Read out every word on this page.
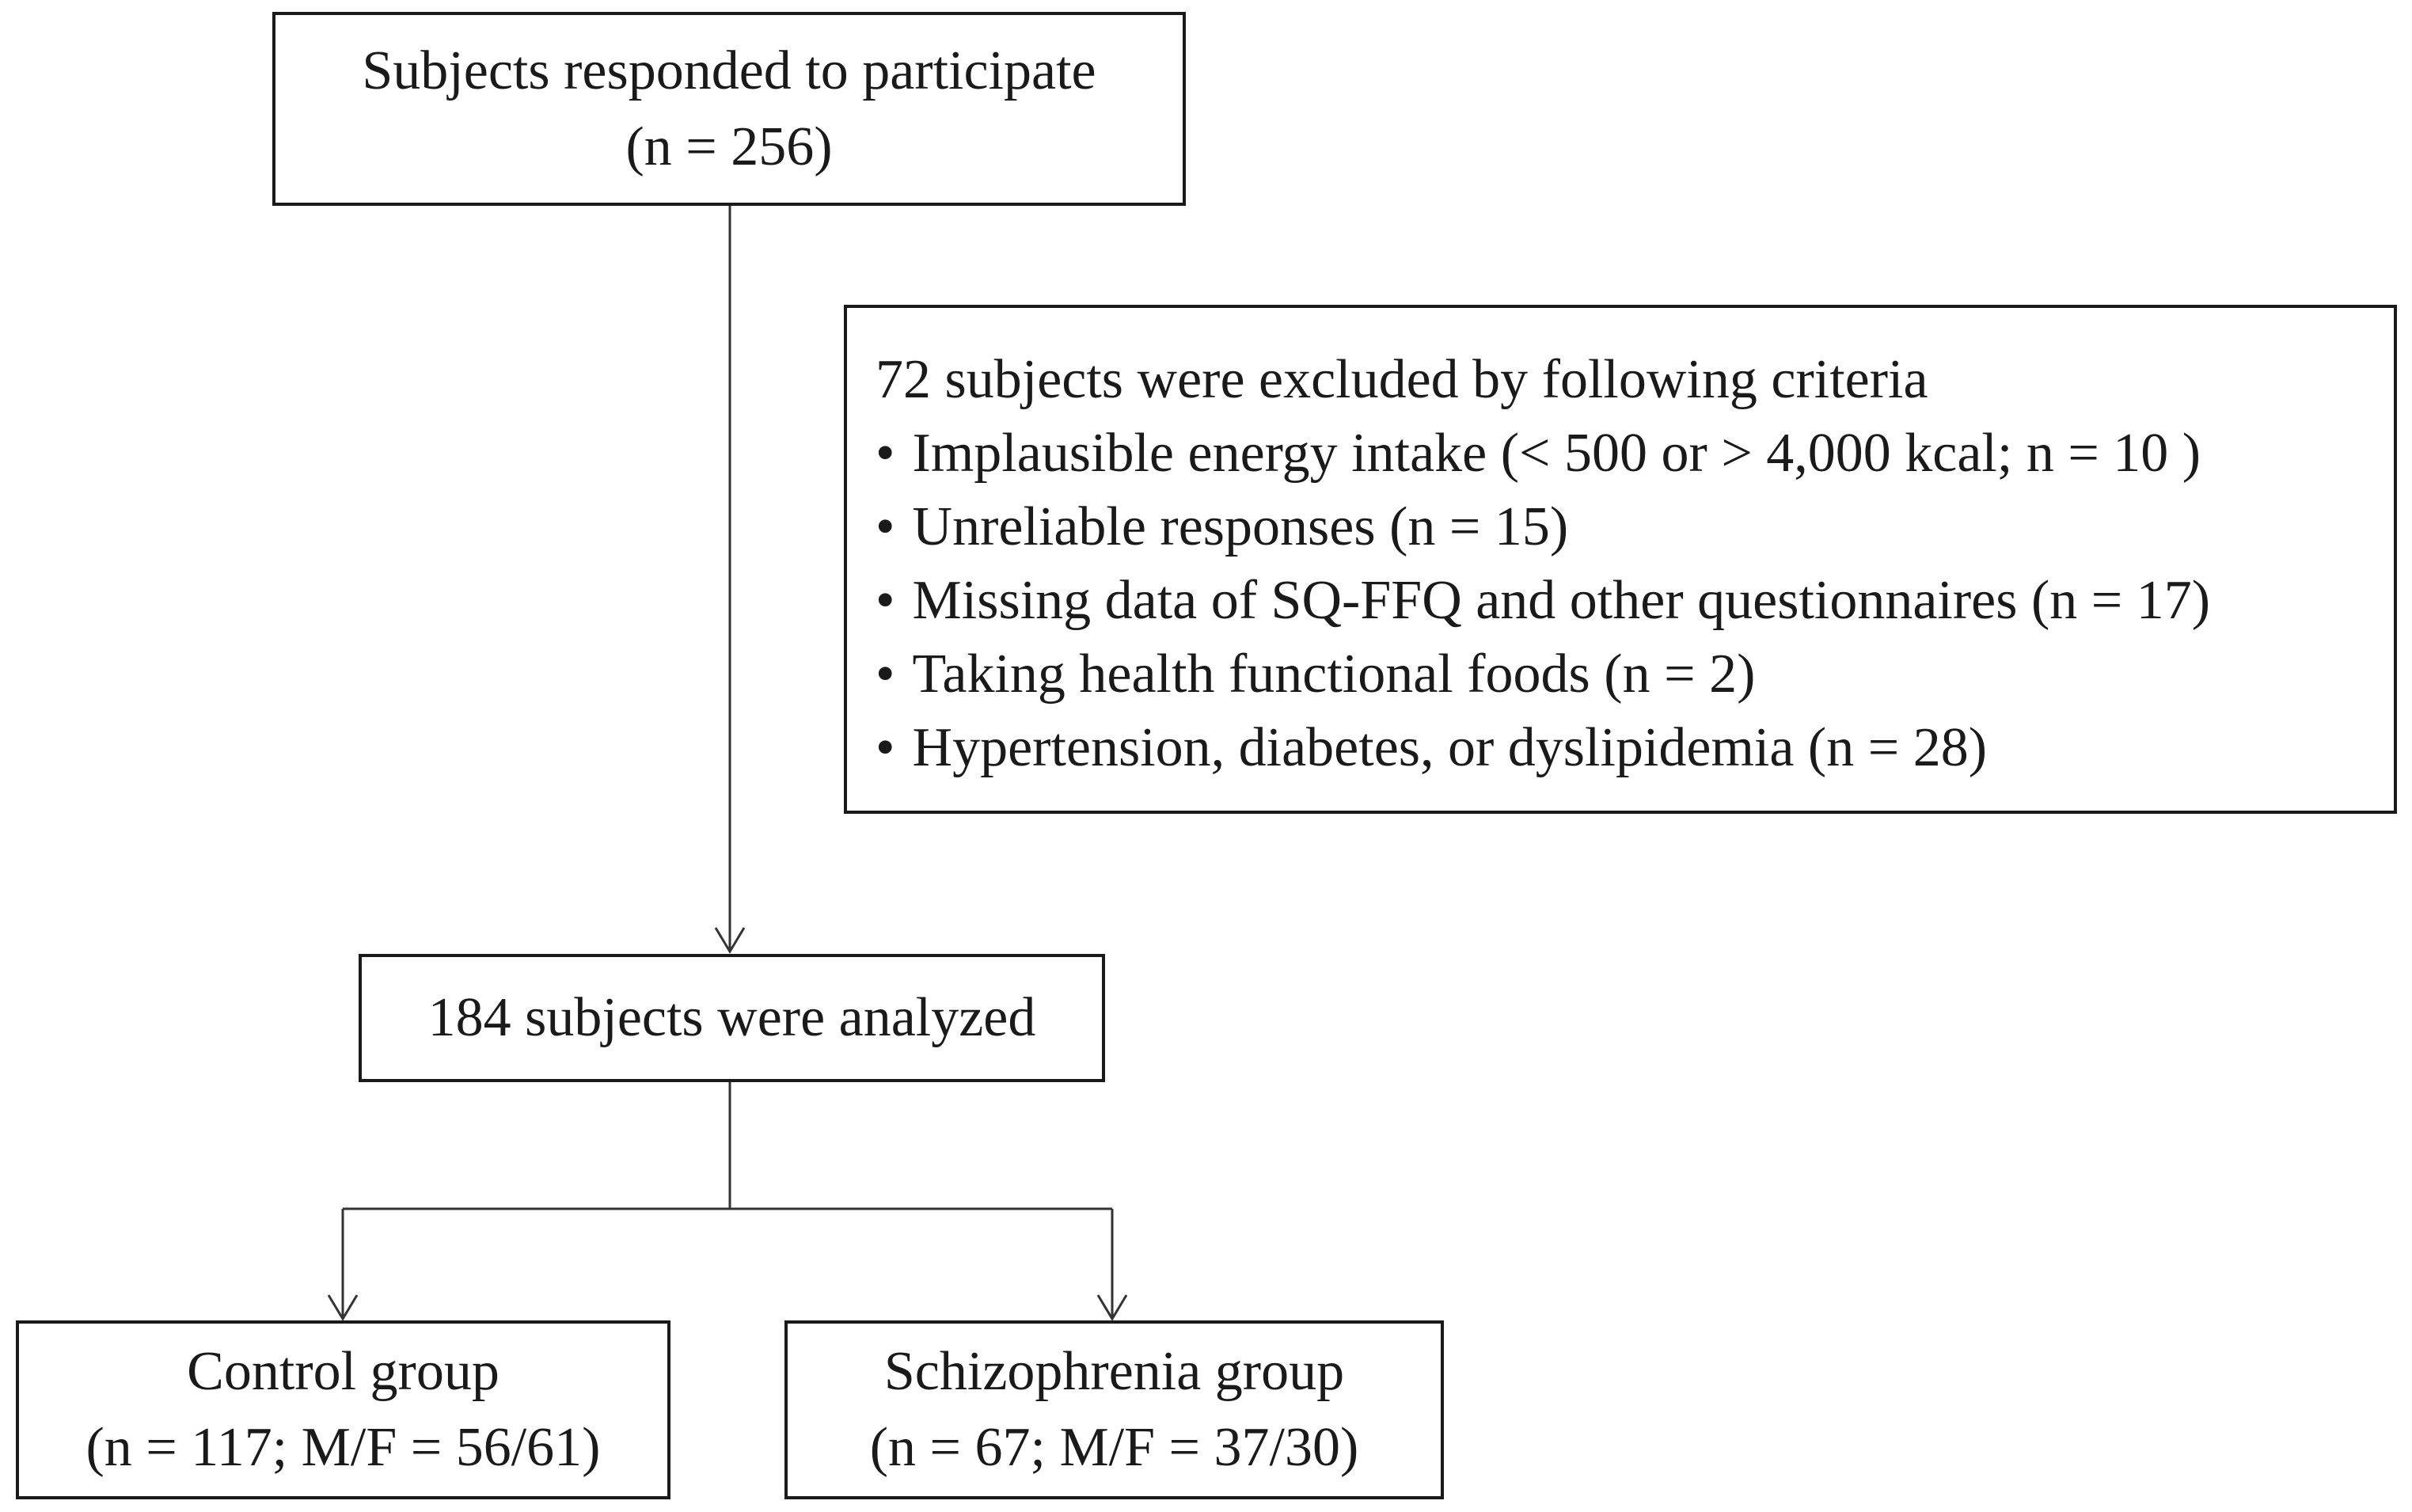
Subjects responded to participate
(n = 256)
72 subjects were excluded by following criteria
• Implausible energy intake (< 500 or > 4,000 kcal; n = 10 )
• Unreliable responses (n = 15)
• Missing data of SQ-FFQ and other questionnaires (n = 17)
• Taking health functional foods (n = 2)
• Hypertension, diabetes, or dyslipidemia (n = 28)
184 subjects were analyzed
Control group
(n = 117; M/F = 56/61)
Schizophrenia group
(n = 67; M/F = 37/30)
